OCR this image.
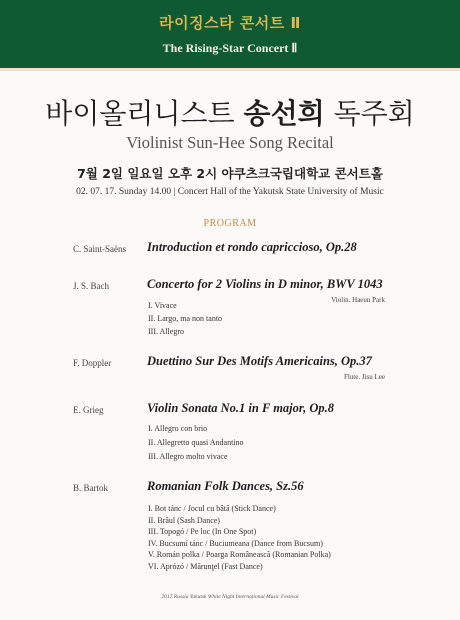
라이징스타 콘서트 Ⅱ
The Rising-Star Concert Ⅱ
바이올리니스트 송선희 독주회
Violinist Sun-Hee Song Recital
7월 2일 일요일 오후 2시 야쿠츠크국립대학교 콘서트홀
02. 07. 17. Sunday 14.00 | Concert Hall of the Yakutsk State University of Music
PROGRAM
C. Saint-Saëns Introduction et rondo capriccioso, Op.28
J. S. Bach	Concerto for 2 Violins in D minor, BWV 1043
Violin. Haeun Park
I. Vivace
II. Largo, ma non tanto
III. Allegro
F. Doppler	Duettino Sur Des Motifs Americains, Op.37
Flute. Jisu Lee
E. Grieg	Violin Sonata No.1 in F major, Op.8
I. Allegro con brio
II. Allegretto quasi Andantino
III. Allegro molto vivace
B. Bartok	Romanian Folk Dances, Sz.56
I. Bot tánc / Jocul cu bâtă (Stick Dance)
II. Brâul (Sash Dance)
III. Topogó / Pe loc (In One Spot)
IV. Bucsumí tánc / Buciumeana (Dance from Bucsum)
V. Román polka / Poarga Românească (Romanian Polka)
VI. Aprózó / Mărunţel (Fast Dance)
2017 Russia Yakutsk White Night International Music Festival
